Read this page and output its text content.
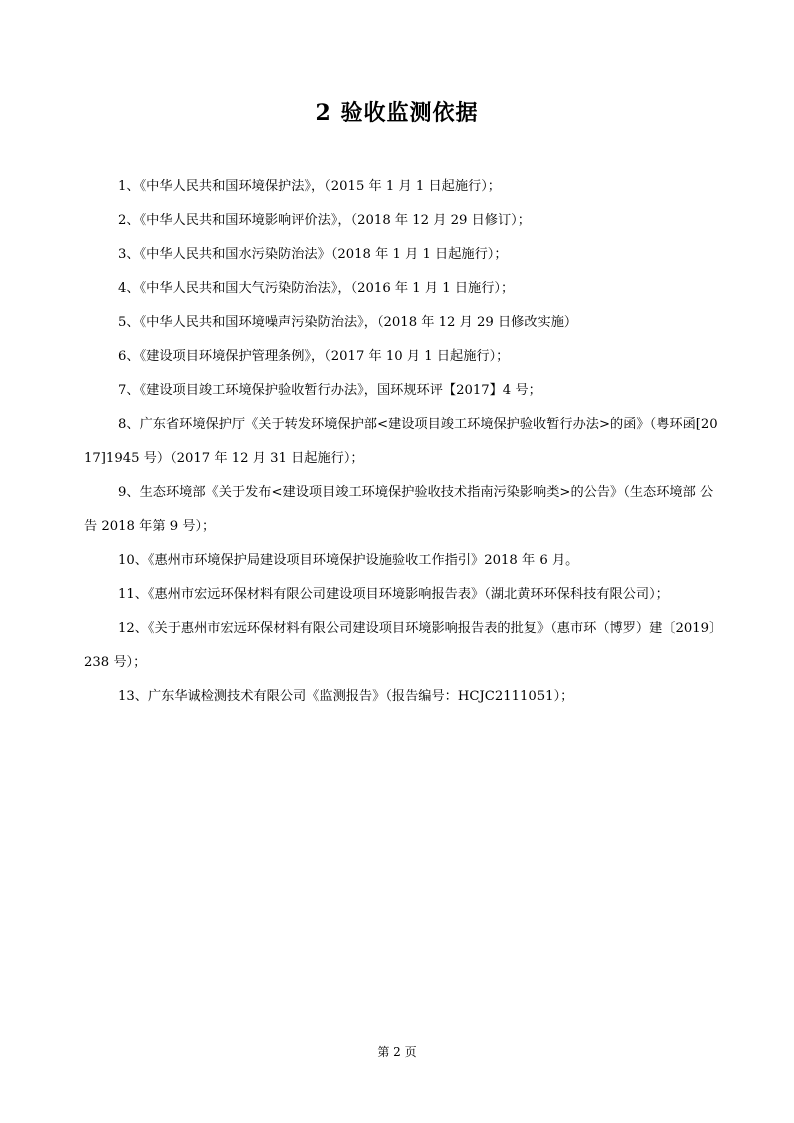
2 验收监测依据
1、《中华人民共和国环境保护法》，（2015 年 1 月 1 日起施行）；
2、《中华人民共和国环境影响评价法》，（2018 年 12 月 29 日修订）；
3、《中华人民共和国水污染防治法》（2018 年 1 月 1 日起施行）；
4、《中华人民共和国大气污染防治法》，（2016 年 1 月 1 日施行）；
5、《中华人民共和国环境噪声污染防治法》，（2018 年 12 月 29 日修改实施）
6、《建设项目环境保护管理条例》，（2017 年 10 月 1 日起施行）；
7、《建设项目竣工环境保护验收暂行办法》，国环规环评【2017】4 号；
8、广东省环境保护厅《关于转发环境保护部<建设项目竣工环境保护验收暂行办法>的函》（粤环函[2017]1945 号）（2017 年 12 月 31 日起施行）；
9、生态环境部《关于发布<建设项目竣工环境保护验收技术指南污染影响类>的公告》（生态环境部 公告 2018 年第 9 号）；
10、《惠州市环境保护局建设项目环境保护设施验收工作指引》2018 年 6 月。
11、《惠州市宏远环保材料有限公司建设项目环境影响报告表》（湖北黄环环保科技有限公司）；
12、《关于惠州市宏远环保材料有限公司建设项目环境影响报告表的批复》（惠市环（博罗）建〔2019〕238 号）；
13、广东华诚检测技术有限公司《监测报告》（报告编号：HCJC2111051）；
第 2 页
